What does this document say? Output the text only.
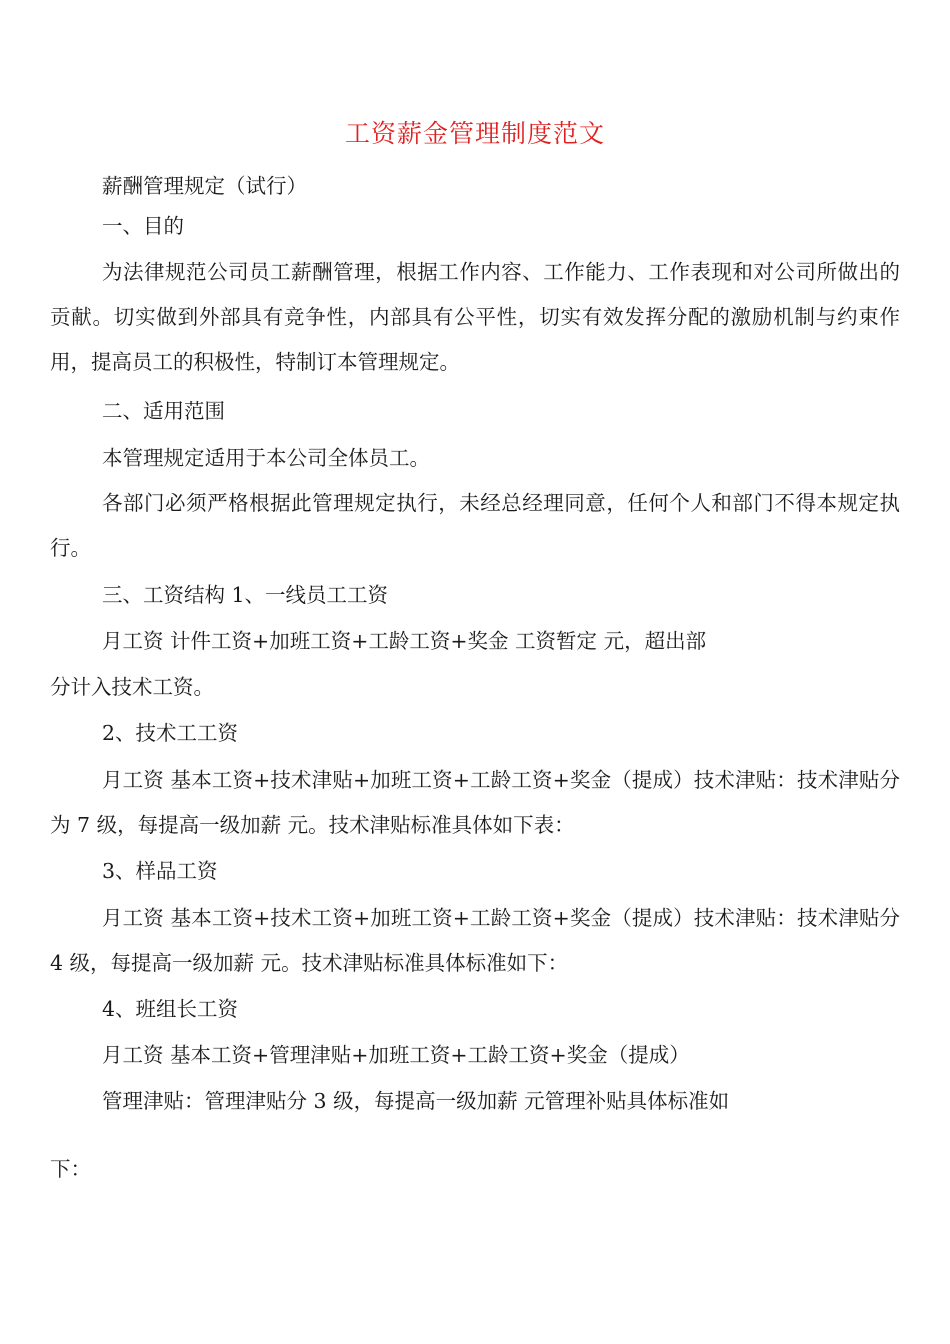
工资薪金管理制度范文

薪酬管理规定（试行）

一、目的

为法律规范公司员工薪酬管理，根据工作内容、工作能力、工作表现和对公司所做出的贡献。切实做到外部具有竞争性，内部具有公平性，切实有效发挥分配的激励机制与约束作用，提高员工的积极性，特制订本管理规定。

二、适用范围

本管理规定适用于本公司全体员工。

各部门必须严格根据此管理规定执行，未经总经理同意，任何个人和部门不得本规定执行。

三、工资结构 1、一线员工工资

月工资 计件工资+加班工资+工龄工资+奖金 工资暂定 元，超出部

分计入技术工资。

2、技术工工资

月工资 基本工资+技术津贴+加班工资+工龄工资+奖金（提成）技术津贴：技术津贴分为 7 级，每提高一级加薪 元。技术津贴标准具体如下表：

3、样品工资

月工资 基本工资+技术工资+加班工资+工龄工资+奖金（提成）技术津贴：技术津贴分 4 级，每提高一级加薪 元。技术津贴标准具体标准如下：

4、班组长工资

月工资 基本工资+管理津贴+加班工资+工龄工资+奖金（提成）

管理津贴：管理津贴分 3 级，每提高一级加薪 元管理补贴具体标准如

下：
